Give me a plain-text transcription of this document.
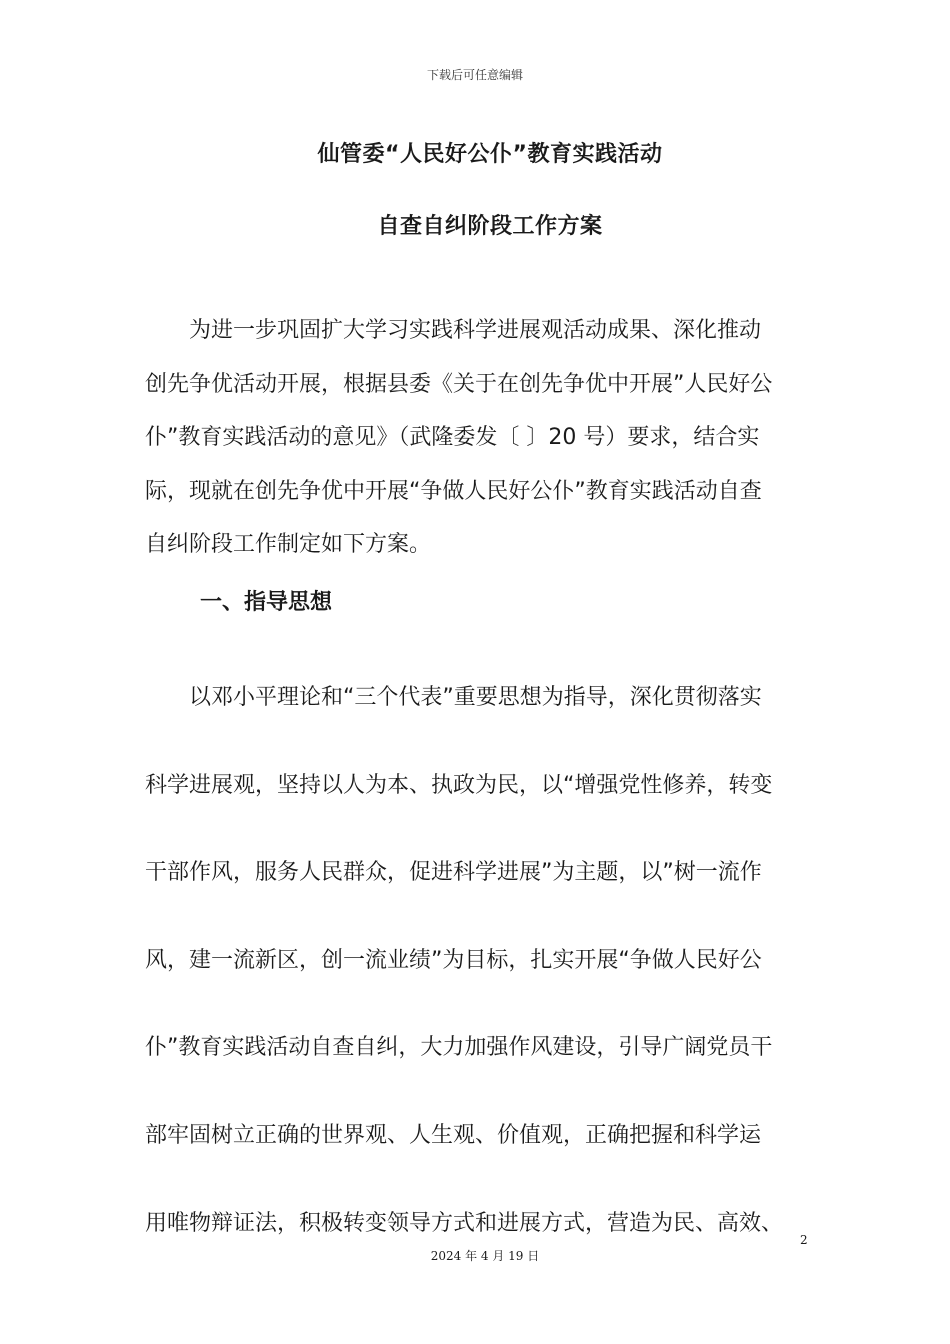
下载后可任意编辑
仙管委“人民好公仆”教育实践活动
自查自纠阶段工作方案

　　为进一步巩固扩大学习实践科学进展观活动成果、深化推动
创先争优活动开展，根据县委《关于在创先争优中开展”人民好公
仆”教育实践活动的意见》（武隆委发〔 〕20 号）要求，结合实
际，现就在创先争优中开展“争做人民好公仆”教育实践活动自查
自纠阶段工作制定如下方案。

一、指导思想

　　以邓小平理论和“三个代表”重要思想为指导，深化贯彻落实
科学进展观，坚持以人为本、执政为民，以“增强党性修养，转变
干部作风，服务人民群众，促进科学进展”为主题，以”树一流作
风，建一流新区，创一流业绩”为目标，扎实开展“争做人民好公
仆”教育实践活动自查自纠，大力加强作风建设，引导广阔党员干
部牢固树立正确的世界观、人生观、价值观，正确把握和科学运
用唯物辩证法，积极转变领导方式和进展方式，营造为民、高效、

2
2024 年 4 月 19 日
